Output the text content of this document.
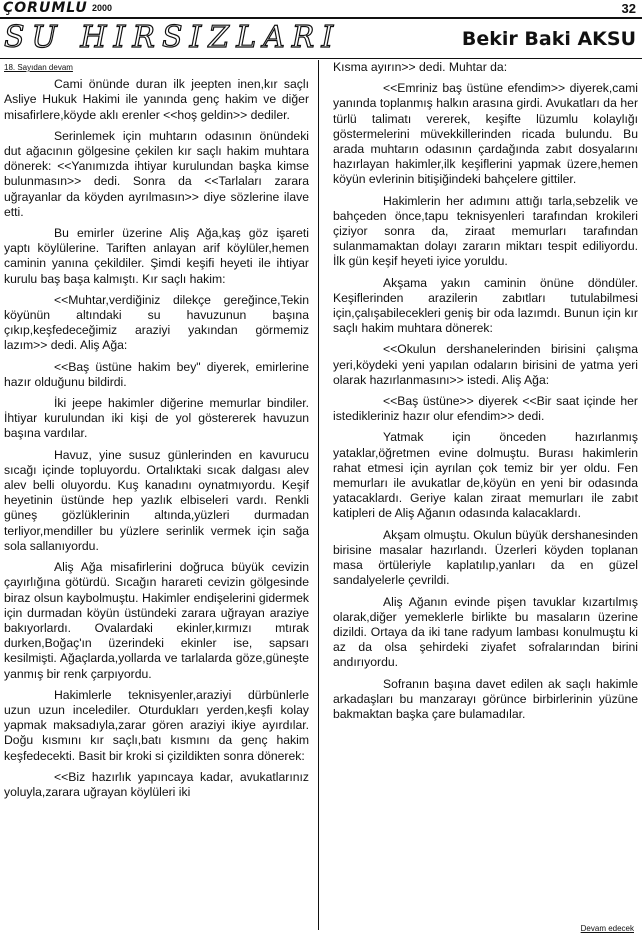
ÇORUMLU 2000	32
SU HIRSIZLARI	Bekir Baki AKSU
18. Sayıdan devam

Cami önünde duran ilk jeepten inen,kır saçlı Asliye Hukuk Hakimi ile yanında genç hakim ve diğer misafirlere,köyde aklı erenler <<hoş geldin>> dediler.

Serinlemek için muhtarın odasının önündeki dut ağacının gölgesine çekilen kır saçlı hakim muhtara dönerek: <<Yanımızda ihtiyar kurulundan başka kimse bulunmasın>> dedi. Sonra da <<Tarlaları zarara uğrayanlar da köyden ayrılmasın>> diye sözlerine ilave etti.

Bu emirler üzerine Aliş Ağa,kaş göz işareti yaptı köylülerine. Tariften anlayan arif köylüler,hemen caminin yanına çekildiler. Şimdi keşifi heyeti ile ihtiyar kurulu baş başa kalmıştı. Kır saçlı hakim:

<<Muhtar,verdiğiniz dilekçe gereğince,Tekin köyünün altındaki su havuzunun başına çıkıp,keşfedeceğimiz araziyi yakından görmemiz lazım>> dedi. Aliş Ağa:

<<Baş üstüne hakim bey" diyerek, emirlerine hazır olduğunu bildirdi.

İki jeepe hakimler diğerine memurlar bindiler. İhtiyar kurulundan iki kişi de yol göstererek havuzun başına vardılar.

Havuz, yine susuz günlerinden en kavurucu sıcağı içinde topluyordu. Ortalıktaki sıcak dalgası alev alev belli oluyordu. Kuş kanadını oynatmıyordu. Keşif heyetinin üstünde hep yazlık elbiseleri vardı. Renkli güneş gözlüklerinin altında,yüzleri durmadan terliyor,mendiller bu yüzlere serinlik vermek için sağa sola sallanıyordu.

Aliş Ağa misafirlerini doğruca büyük cevizin çayırlığına götürdü. Sıcağın harareti cevizin gölgesinde biraz olsun kaybolmuştu. Hakimler endişelerini gidermek için durmadan köyün üstündeki zarara uğrayan araziye bakıyorlardı. Ovalardaki ekinler,kırmızı mtırak durken,Boğaç'ın üzerindeki ekinler ise, sapsarı kesilmişti. Ağaçlarda,yollarda ve tarlalarda göze,güneşte yanmış bir renk çarpıyordu.

Hakimlerle teknisyenler,araziyi dürbünlerle uzun uzun incelediler. Oturdukları yerden,keşfi kolay yapmak maksadıyla,zarar gören araziyi ikiye ayırdılar. Doğu kısmını kır saçlı,batı kısmını da genç hakim keşfedecekti. Basit bir kroki si çizildikten sonra dönerek:

<<Biz hazırlık yapıncaya kadar, avukatlarınız yoluyla,zarara uğrayan köylüleri iki

Kısma ayırın>> dedi. Muhtar da:

<<Emriniz baş üstüne efendim>> diyerek,cami yanında toplanmış halkın arasına girdi. Avukatları da her türlü talimatı vererek, keşifte lüzumlu kolaylığı göstermelerini müvekkillerinden ricada bulundu. Bu arada muhtarın odasının çardağında zabıt dosyalarını hazırlayan hakimler,ilk keşiflerini yapmak üzere,hemen köyün evlerinin bitişiğindeki bahçelere gittiler.

Hakimlerin her adımını attığı tarla,sebzelik ve bahçeden önce,tapu teknisyenleri tarafından krokileri çiziyor sonra da, ziraat memurları tarafından sulanmamaktan dolayı zararın miktarı tespit ediliyordu. İlk gün keşif heyeti iyice yoruldu.

Akşama yakın caminin önüne döndüler. Keşiflerinden arazilerin zabıtları tutulabilmesi için,çalışabilecekleri geniş bir oda lazımdı. Bunun için kır saçlı hakim muhtara dönerek:

<<Okulun dershanelerinden birisini çalışma yeri,köydeki yeni yapılan odaların birisini de yatma yeri olarak hazırlanmasını>> istedi. Aliş Ağa:

<<Baş üstüne>> diyerek <<Bir saat içinde her istedikleriniz hazır olur efendim>> dedi.

Yatmak için önceden hazırlanmış yataklar,öğretmen evine dolmuştu. Burası hakimlerin rahat etmesi için ayrılan çok temiz bir yer oldu. Fen memurları ile avukatlar de,köyün en yeni bir odasında yatacaklardı. Geriye kalan ziraat memurları ile zabıt katipleri de Aliş Ağanın odasında kalacaklardı.

Akşam olmuştu. Okulun büyük dershanesinden birisine masalar hazırlandı. Üzerleri köyden toplanan masa örtüleriyle kaplatılıp,yanları da en güzel sandalyelerle çevrildi.

Aliş Ağanın evinde pişen tavuklar kızartılmış olarak,diğer yemeklerle birlikte bu masaların üzerine dizildi. Ortaya da iki tane radyum lambası konulmuştu ki az da olsa şehirdeki ziyafet sofralarından birini andırıyordu.

Sofranın başına davet edilen ak saçlı hakimle arkadaşları bu manzarayı görünce birbirlerinin yüzüne bakmaktan başka çare bulamadılar.

Devam edecek
